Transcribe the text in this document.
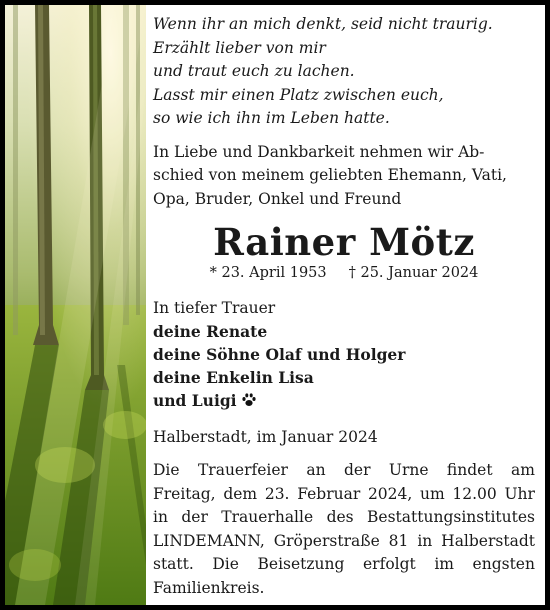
Wenn ihr an mich denkt, seid nicht traurig.
Erzählt lieber von mir
und traut euch zu lachen.
Lasst mir einen Platz zwischen euch,
so wie ich ihn im Leben hatte.
In Liebe und Dankbarkeit nehmen wir Ab-
schied von meinem geliebten Ehemann, Vati,
Opa, Bruder, Onkel und Freund
Rainer Mötz
* 23. April 1953 † 25. Januar 2024
In tiefer Trauer
deine Renate
deine Söhne Olaf und Holger
deine Enkelin Lisa
und Luigi
Halberstadt, im Januar 2024
Die Trauerfeier an der Urne findet am
Freitag, dem 23. Februar 2024, um 12.00 Uhr
in der Trauerhalle des Bestattungsinstitutes
LINDEMANN, Gröperstraße 81 in Halberstadt
statt. Die Beisetzung erfolgt im engsten
Familienkreis.
